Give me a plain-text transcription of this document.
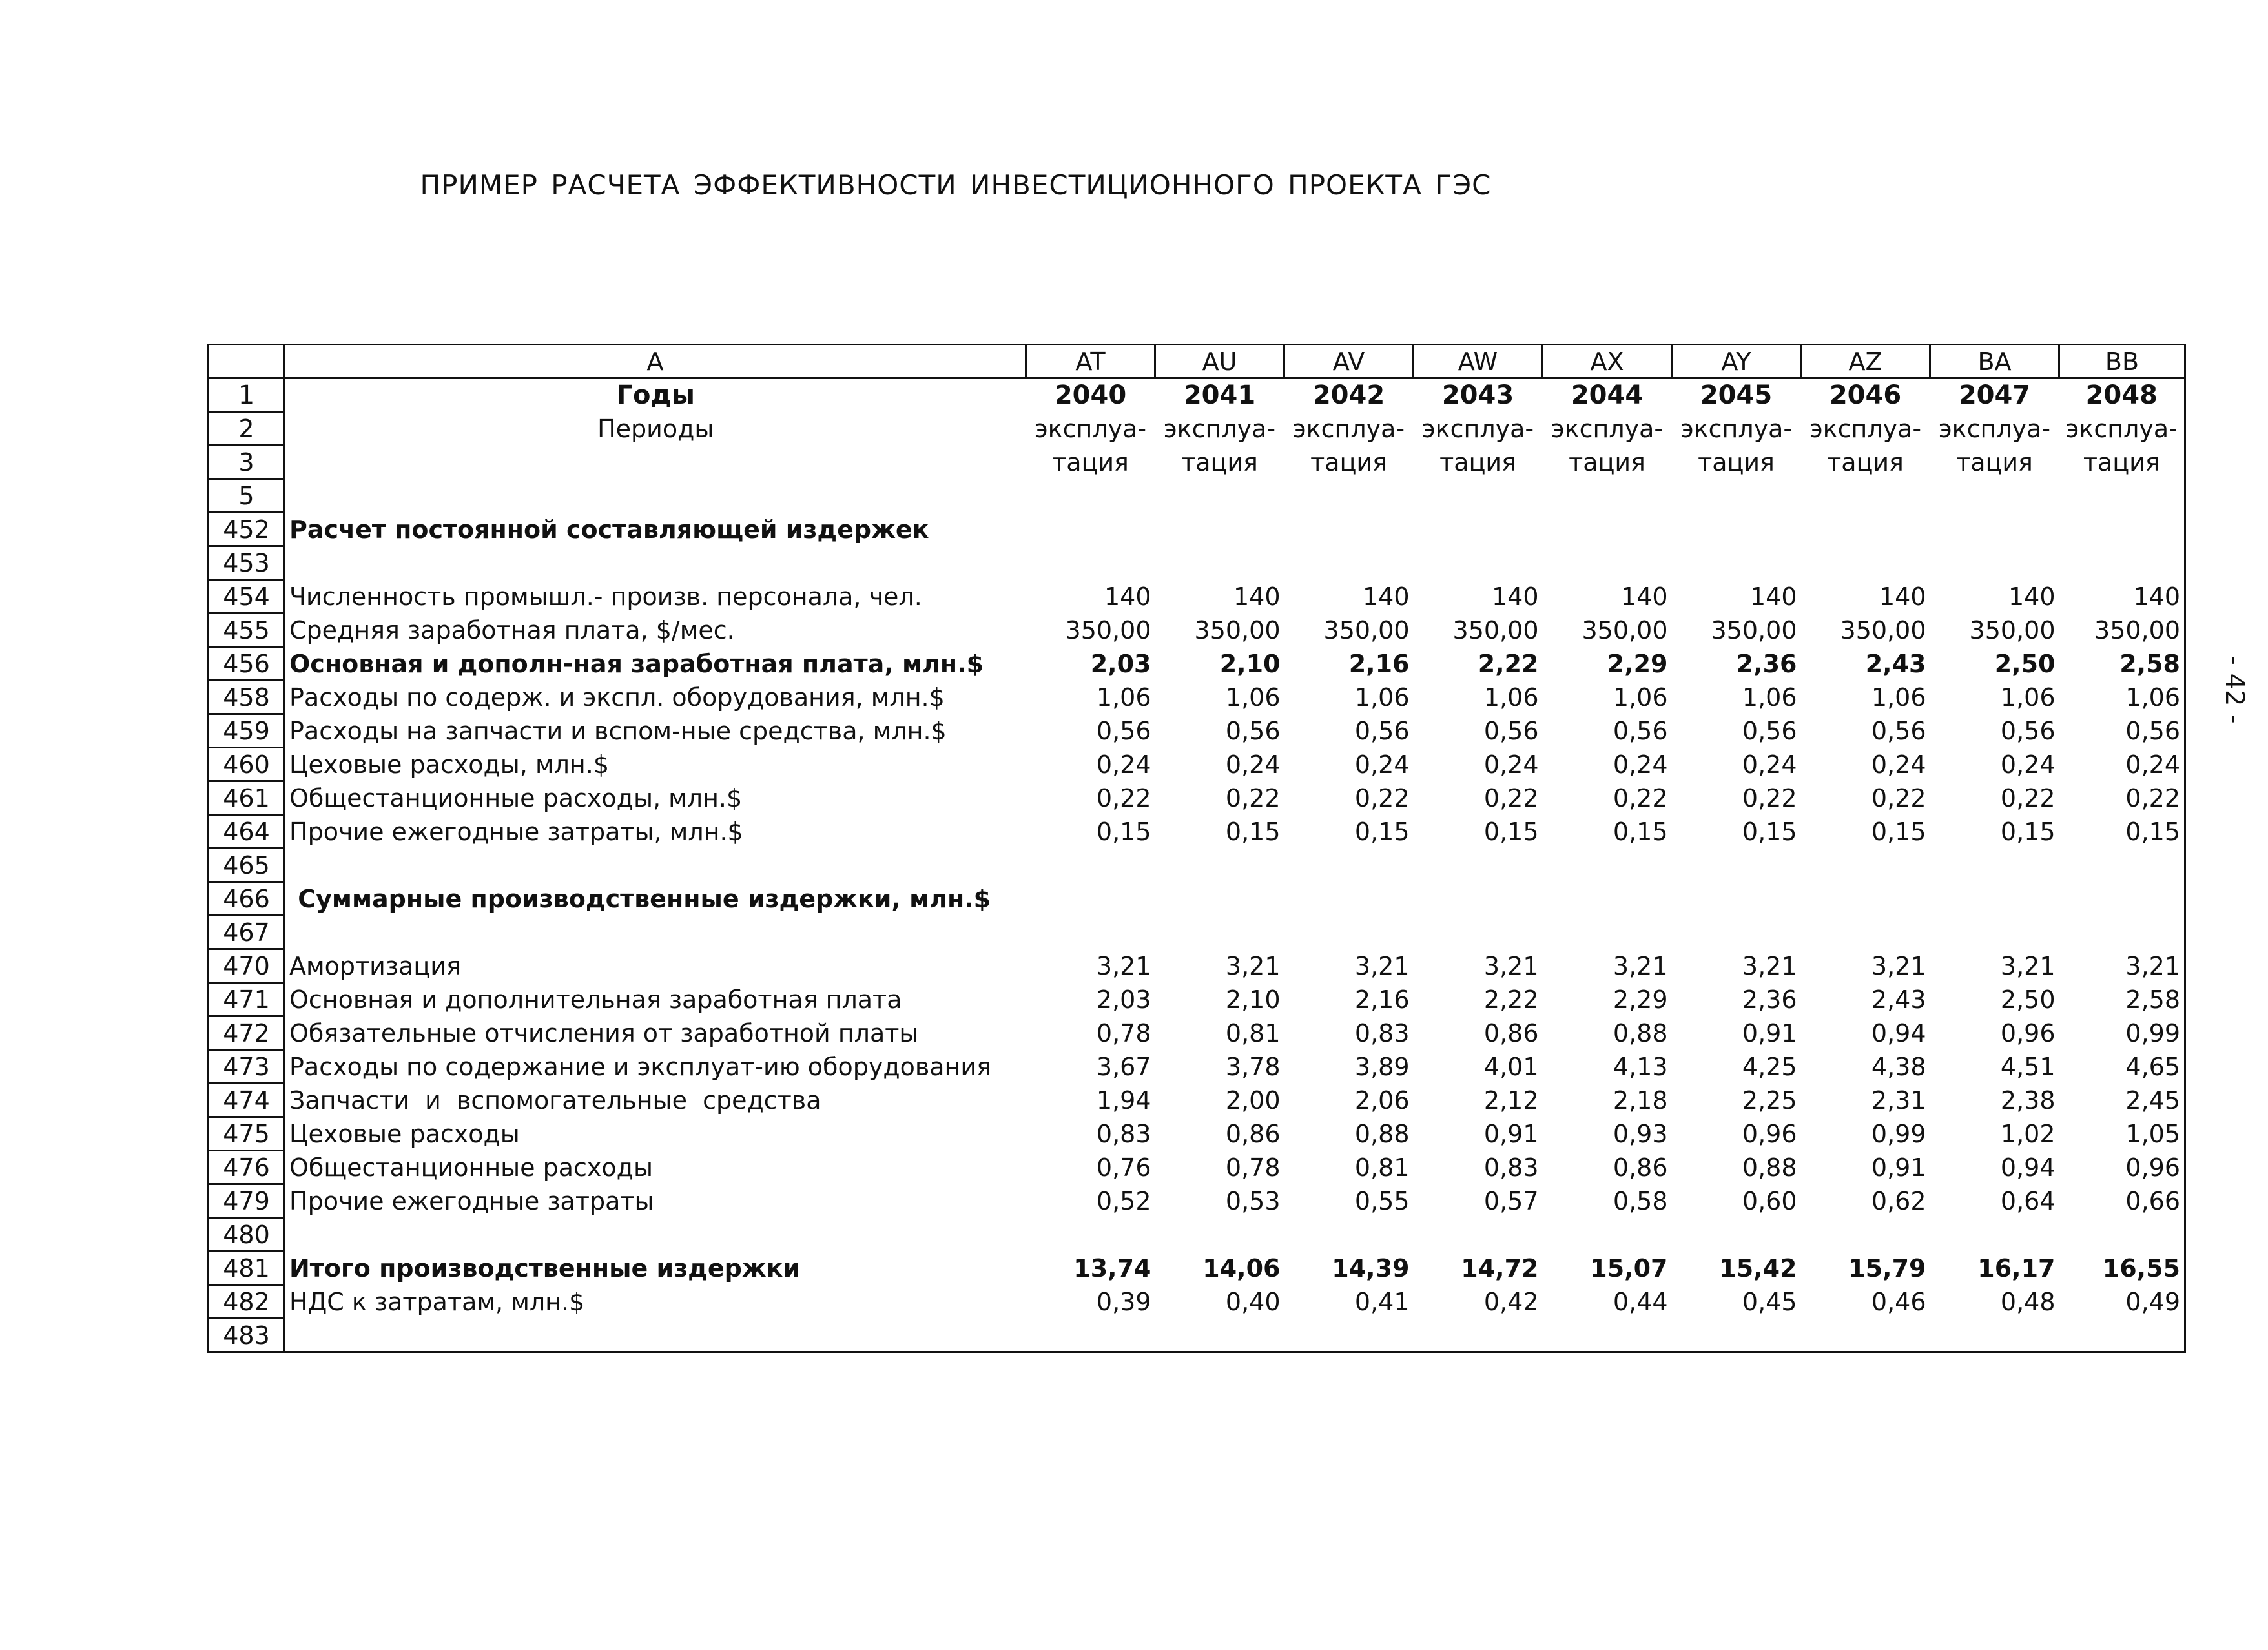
ПРИМЕР РАСЧЕТА ЭФФЕКТИВНОСТИ ИНВЕСТИЦИОННОГО ПРОЕКТА ГЭС
- 42 -
	A	AT	AU	AV	AW	AX	AY	AZ	BA	BB
1	Годы	2040	2041	2042	2043	2044	2045	2046	2047	2048
2	Периоды	эксплуа-	эксплуа-	эксплуа-	эксплуа-	эксплуа-	эксплуа-	эксплуа-	эксплуа-	эксплуа-
3		тация	тация	тация	тация	тация	тация	тация	тация	тация
5										
452	Расчет постоянной составляющей издержек									
453										
454	Численность промышл.- произв. персонала, чел.	140	140	140	140	140	140	140	140	140
455	Средняя заработная плата, $/мес.	350,00	350,00	350,00	350,00	350,00	350,00	350,00	350,00	350,00
456	Основная и дополн-ная заработная плата, млн.$	2,03	2,10	2,16	2,22	2,29	2,36	2,43	2,50	2,58
458	Расходы по содерж. и экспл. оборудования, млн.$	1,06	1,06	1,06	1,06	1,06	1,06	1,06	1,06	1,06
459	Расходы на запчасти и вспом-ные средства, млн.$	0,56	0,56	0,56	0,56	0,56	0,56	0,56	0,56	0,56
460	Цеховые расходы, млн.$	0,24	0,24	0,24	0,24	0,24	0,24	0,24	0,24	0,24
461	Общестанционные расходы, млн.$	0,22	0,22	0,22	0,22	0,22	0,22	0,22	0,22	0,22
464	Прочие ежегодные затраты, млн.$	0,15	0,15	0,15	0,15	0,15	0,15	0,15	0,15	0,15
465										
466	Суммарные производственные издержки, млн.$									
467										
470	Амортизация	3,21	3,21	3,21	3,21	3,21	3,21	3,21	3,21	3,21
471	Основная и дополнительная заработная плата	2,03	2,10	2,16	2,22	2,29	2,36	2,43	2,50	2,58
472	Обязательные отчисления от заработной платы	0,78	0,81	0,83	0,86	0,88	0,91	0,94	0,96	0,99
473	Расходы по содержание и эксплуат-ию оборудования	3,67	3,78	3,89	4,01	4,13	4,25	4,38	4,51	4,65
474	Запчасти  и  вспомогательные  средства	1,94	2,00	2,06	2,12	2,18	2,25	2,31	2,38	2,45
475	Цеховые расходы	0,83	0,86	0,88	0,91	0,93	0,96	0,99	1,02	1,05
476	Общестанционные расходы	0,76	0,78	0,81	0,83	0,86	0,88	0,91	0,94	0,96
479	Прочие ежегодные затраты	0,52	0,53	0,55	0,57	0,58	0,60	0,62	0,64	0,66
480										
481	Итого производственные издержки	13,74	14,06	14,39	14,72	15,07	15,42	15,79	16,17	16,55
482	НДС к затратам, млн.$	0,39	0,40	0,41	0,42	0,44	0,45	0,46	0,48	0,49
483										
